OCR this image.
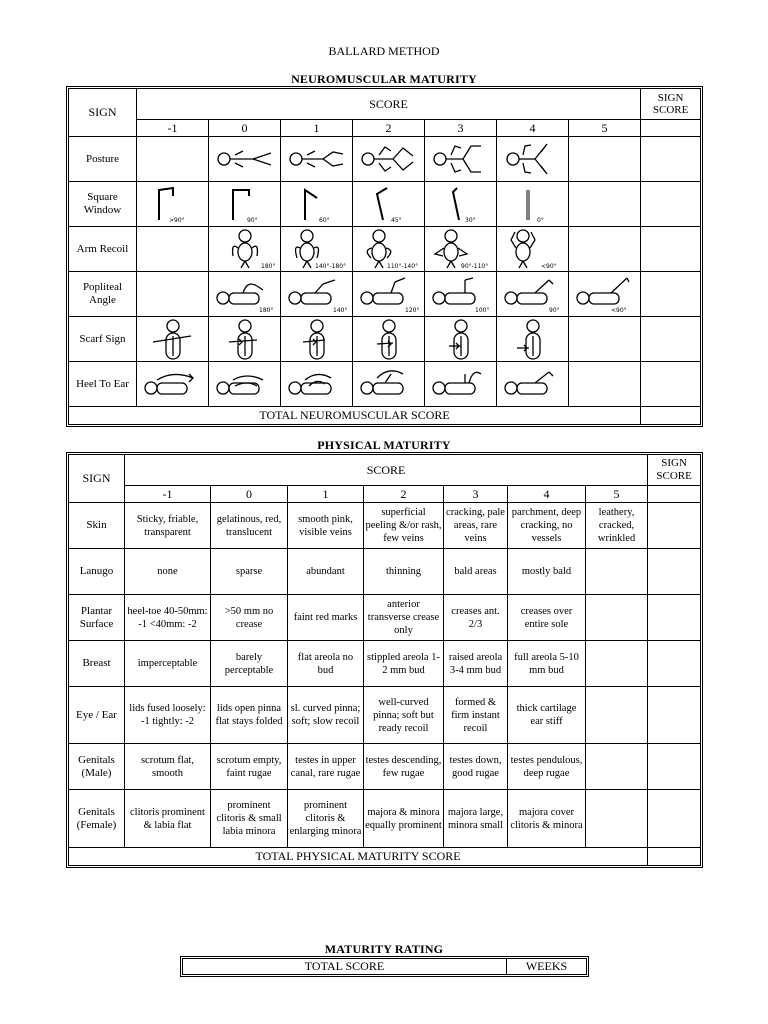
BALLARD METHOD
NEUROMUSCULAR MATURITY
SIGN	SCORE							SIGN SCORE
	-1	0	1	2	3	4	5	
Posture		

Square Window	>90°	90°	60°	45°	30°	0°		

Arm Recoil		180°	140°-180°	110°-140°	90°-110°	<90°		

Popliteal Angle		180°	140°	120°	100°	90°	<90°	

Scarf Sign	

Heel To Ear	

TOTAL NEUROMUSCULAR SCORE								
PHYSICAL MATURITY
SIGN	SCORE							SIGN SCORE
	-1	0	1	2	3	4	5	
Skin	Sticky, friable, transparent	gelatinous, red, translucent	smooth pink, visible veins	superficial peeling &/or rash, few veins	cracking, pale areas, rare veins	parchment, deep cracking, no vessels	leathery, cracked, wrinkled	
Lanugo	none	sparse	abundant	thinning	bald areas	mostly bald		
Plantar Surface	heel-toe 40-50mm: -1 <40mm: -2	>50 mm no crease	faint red marks	anterior transverse crease only	creases ant. 2/3	creases over entire sole		
Breast	imperceptable	barely perceptable	flat areola no bud	stippled areola 1-2 mm bud	raised areola 3-4 mm bud	full areola 5-10 mm bud		
Eye / Ear	lids fused loosely: -1 tightly: -2	lids open pinna flat stays folded	sl. curved pinna; soft; slow recoil	well-curved pinna; soft but ready recoil	formed & firm instant recoil	thick cartilage ear stiff		
Genitals (Male)	scrotum flat, smooth	scrotum empty, faint rugae	testes in upper canal, rare rugae	testes descending, few rugae	testes down, good rugae	testes pendulous, deep rugae		
Genitals (Female)	clitoris prominent & labia flat	prominent clitoris & small labia minora	prominent clitoris & enlarging minora	majora & minora equally prominent	majora large, minora small	majora cover clitoris & minora		
TOTAL PHYSICAL MATURITY SCORE								
MATURITY RATING
TOTAL SCORE	WEEKS
